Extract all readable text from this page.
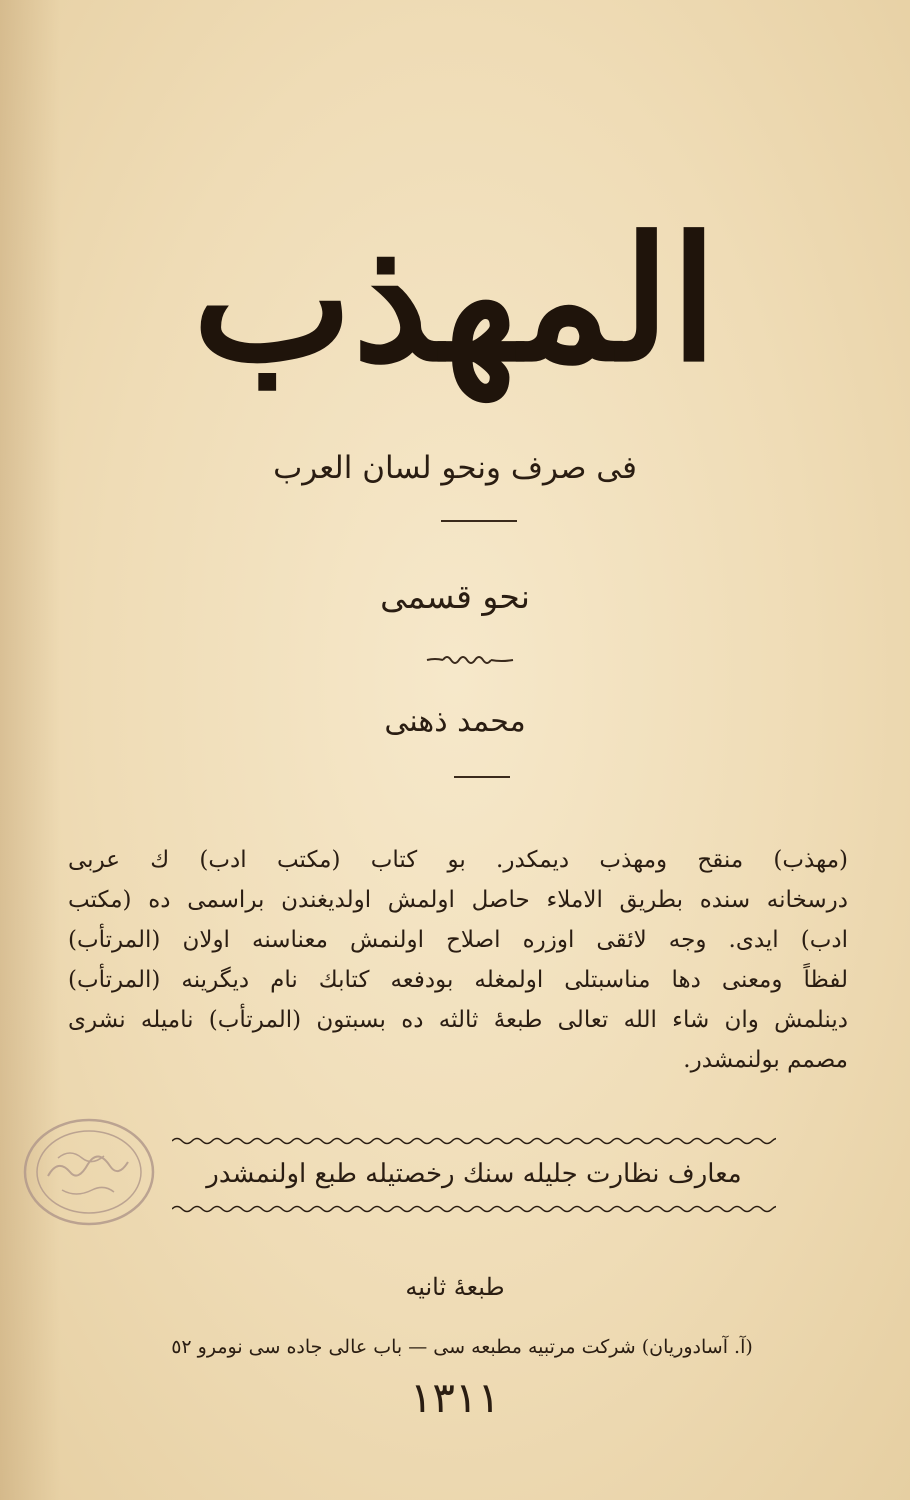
المهذب
فی صرف ونحو لسان العرب
نحو قسمی
محمد ذهنی
(مهذب) منقح ومهذب دیمکدر. بو کتاب (مکتب ادب) ك عربی
درسخانه سنده بطریق الاملاء حاصل اولمش اولدیغندن براسمی ده (مکتب
ادب) ایدی. وجه لائقی اوزره اصلاح اولنمش معناسنه اولان (المرتأب)
لفظاً ومعنی دها مناسبتلی اولمغله بودفعه کتابك نام دیگرینه (المرتأب)
دینلمش وان شاء الله تعالی طبعهٔ ثالثه ده بسبتون (المرتأب) نامیله نشری
مصمم بولنمشدر.
معارف نظارت جلیله سنك رخصتیله طبع اولنمشدر
طبعهٔ ثانیه
(آ. آسادوریان) شرکت مرتبیه مطبعه سی — باب عالی جاده سی نومرو ٥٢
١٣١١
